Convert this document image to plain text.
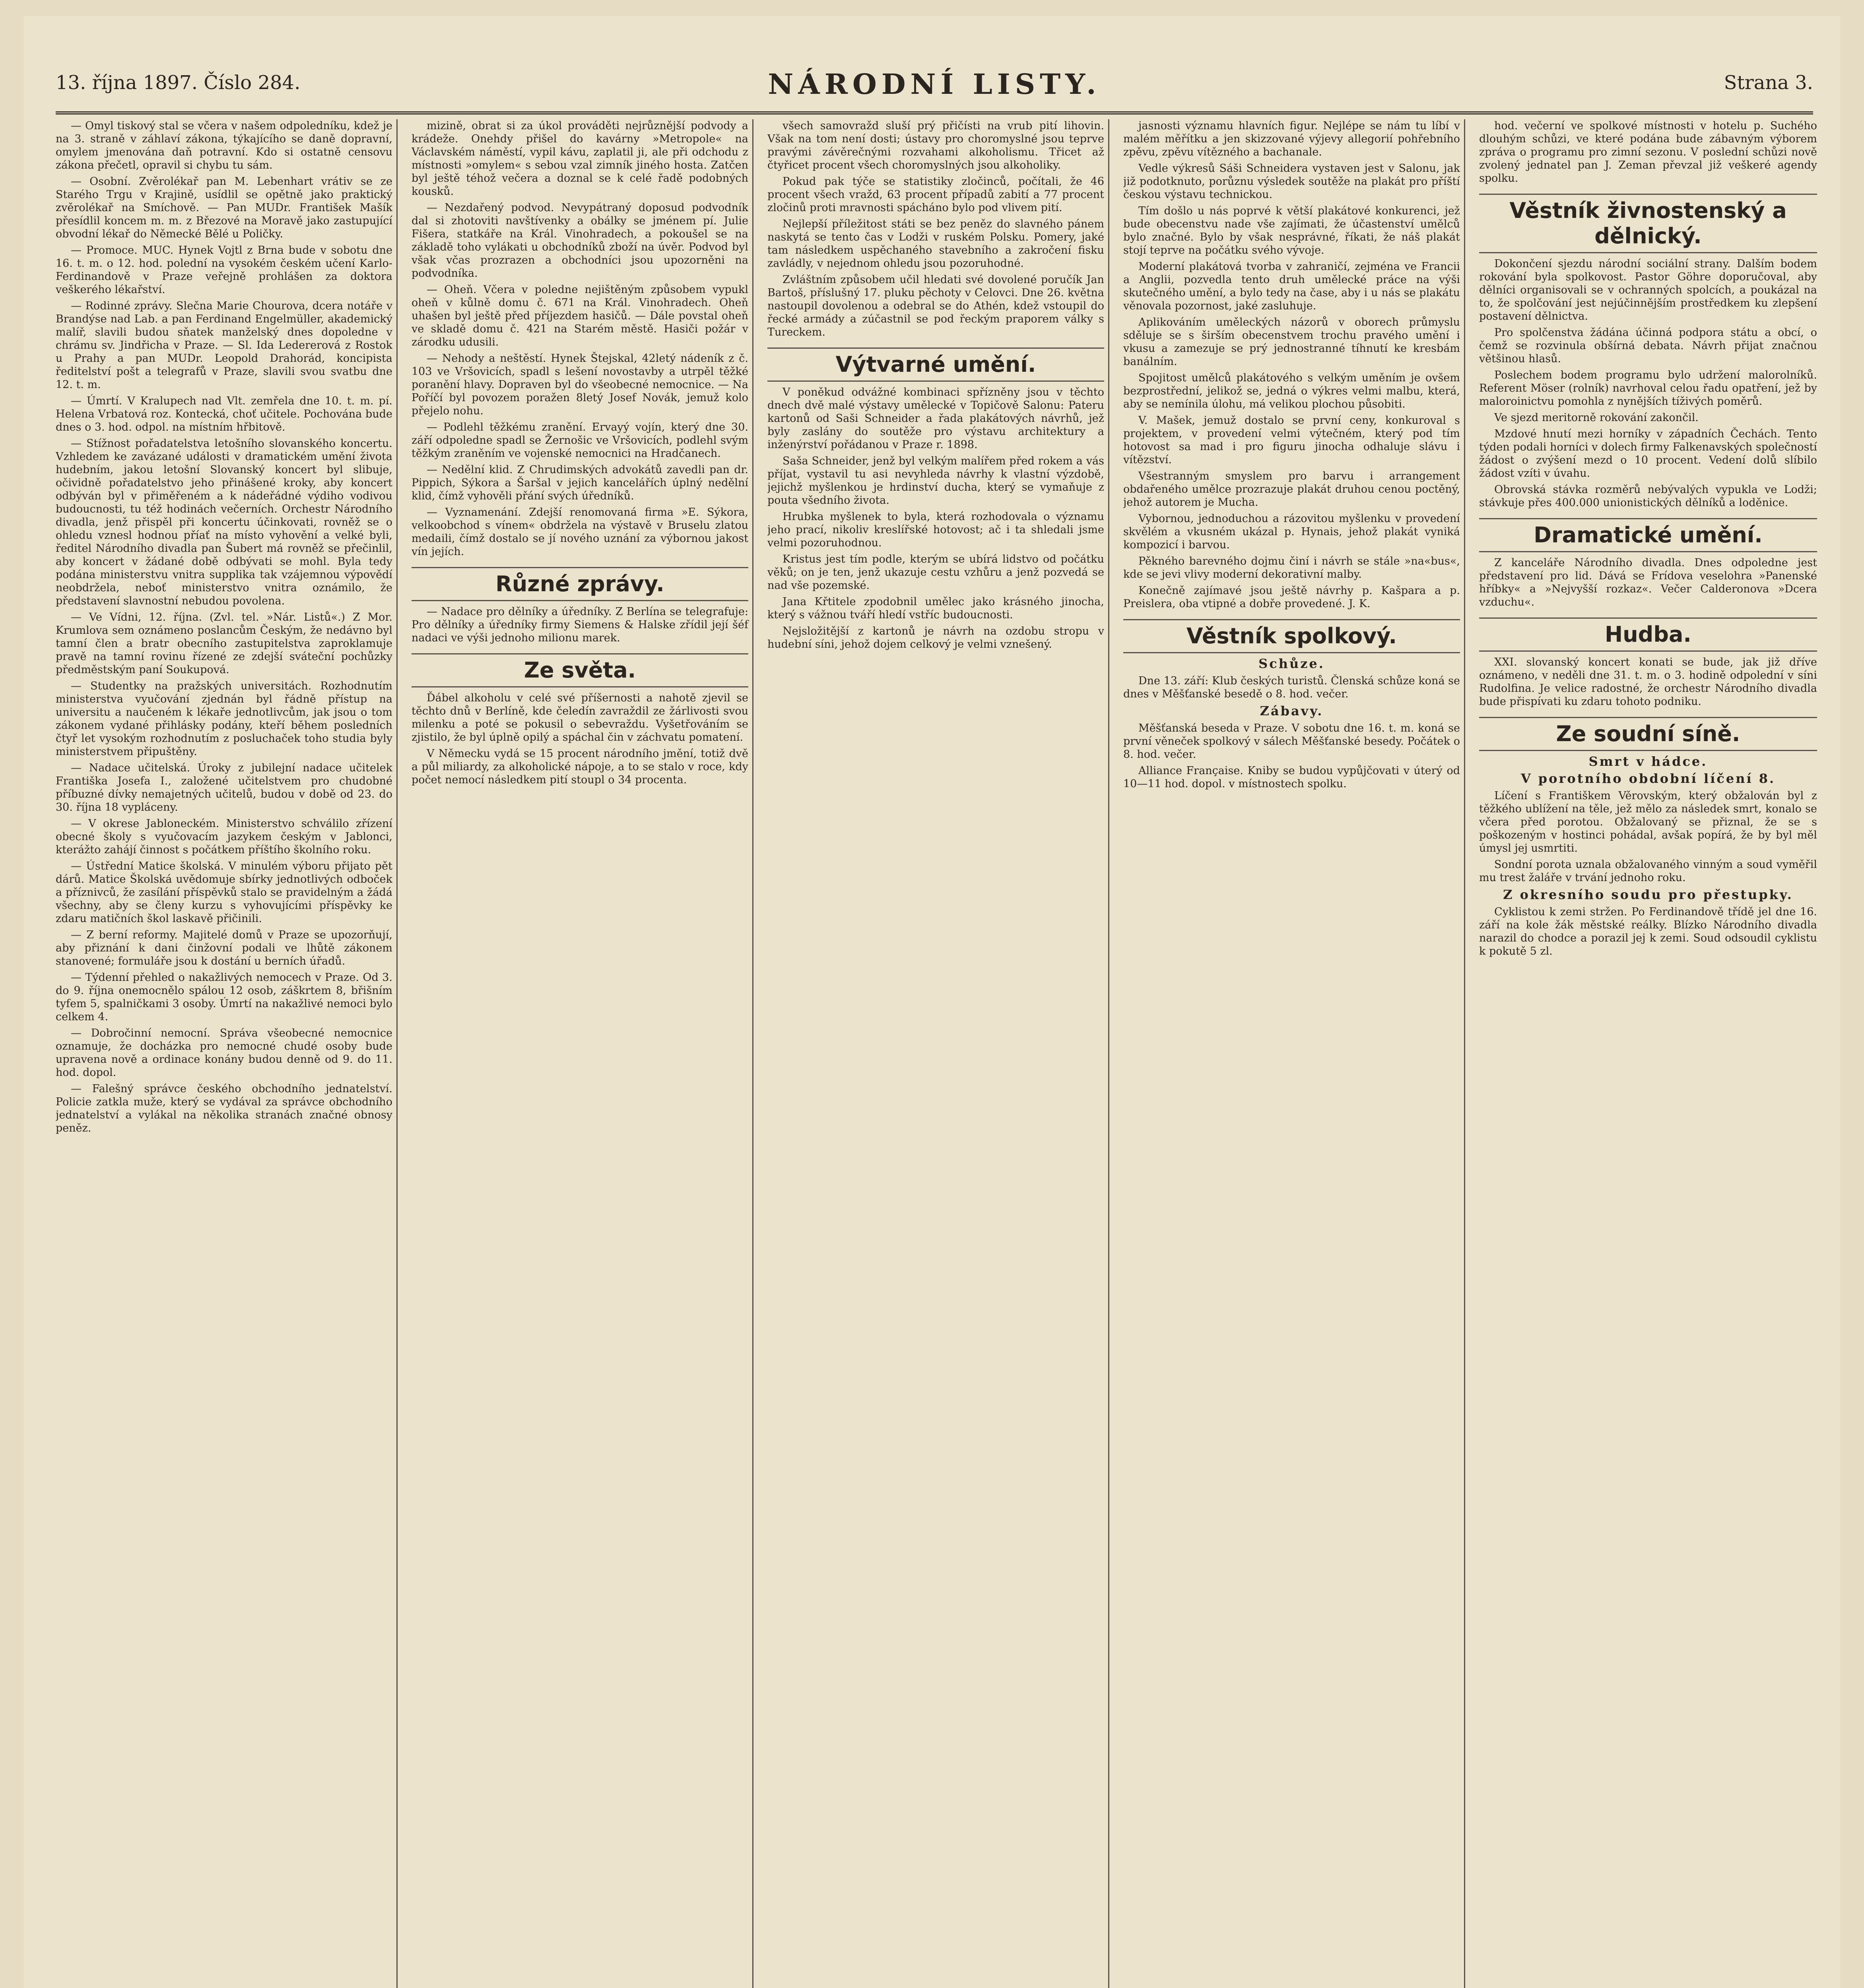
13. října 1897. Číslo 284.	NÁRODNÍ LISTY.	Strana 3.

— Omyl tiskový stal se včera v našem odpoledníku, kdež je na 3. straně v záhlaví zákona, týkajícího se daně dopravní, omylem jmenována daň potravní. Kdo si ostatně censovu zákona přečetl, opravil si chybu tu sám.

— Osobní. Zvěrolékař pan M. Lebenhart vrátiv se ze Starého Trgu v Krajině, usídlil se opětně jako praktický zvěrolékař na Smíchově. — Pan MUDr. František Mašík přesídlil koncem m. m. z Březové na Moravě jako zastupující obvodní lékař do Německé Bělé u Poličky.

— Promoce. MUC. Hynek Vojtl z Brna bude v sobotu dne 16. t. m. o 12. hod. polední na vysokém českém učení Karlo-Ferdinandově v Praze veřejně prohlášen za doktora veškerého lékařství.

— Rodinné zprávy. Slečna Marie Chourova, dcera notáře v Brandýse nad Lab. a pan Ferdinand Engelmüller, akademický malíř, slavili budou sňatek manželský dnes dopoledne v chrámu sv. Jindřicha v Praze. — Sl. Ida Ledererová z Rostok u Prahy a pan MUDr. Leopold Drahorád, koncipista ředitelství pošt a telegrafů v Praze, slavili svou svatbu dne 12. t. m.

— Úmrtí. V Kralupech nad Vlt. zemřela dne 10. t. m. pí. Helena Vrbatová roz. Kontecká, choť učitele. Pochována bude dnes o 3. hod. odpol. na místním hřbitově.

— Stížnost pořadatelstva letošního slovanského koncertu. Vzhledem ke zavázané události v dramatickém umění života hudebním, jakou letošní Slovanský koncert byl slibuje, očividně pořadatelstvo jeho přinášené kroky, aby koncert odbýván byl v přiměřeném a k nádeřádné výdiho vodivou budoucnosti, tu též hodinách večerních. Orchestr Národního divadla, jenž přispěl při koncertu účinkovati, rovněž se o ohledu vznesl hodnou příať na místo vyhovění a velké byli, ředitel Národního divadla pan Šubert má rovněž se přečinlil, aby koncert v žádané době odbývati se mohl. Byla tedy podána ministerstvu vnitra supplika tak vzájemnou výpovědí neobdržela, neboť ministerstvo vnitra oznámilo, že představení slavnostní nebudou povolena.

— Ve Vídni, 12. října. (Zvl. tel. »Nár. Listů«.) Z Mor. Krumlova sem oznámeno poslancům Českým, že nedávno byl tamní člen a bratr obecního zastupitelstva zaproklamuje pravě na tamní rovinu řízené ze zdejší sváteční pochůzky předměstským paní Soukupová.

— Studentky na pražských universitách. Rozhodnutím ministerstva vyučování zjednán byl řádně přístup na universitu a naučeném k lékaře jednotlivcům, jak jsou o tom zákonem vydané přihlásky podány, kteří během posledních čtyř let vysokým rozhodnutím z posluchaček toho studia byly ministerstvem připuštěny.

— Nadace učitelská. Úroky z jubilejní nadace učitelek Františka Josefa I., založené učitelstvem pro chudobné příbuzné dívky nemajetných učitelů, budou v době od 23. do 30. října 18 vypláceny.

— V okrese Jabloneckém. Ministerstvo schválilo zřízení obecné školy s vyučovacím jazykem českým v Jablonci, kterážto zahájí činnost s počátkem příštího školního roku.

— Ústřední Matice školská. V minulém výboru přijato pět dárů. Matice Školská uvědomuje sbírky jednotlivých odboček a příznivců, že zasílání příspěvků stalo se pravidelným a žádá všechny, aby se členy kurzu s vyhovujícími příspěvky ke zdaru matičních škol laskavě přičinili.

— Z berní reformy. Majitelé domů v Praze se upozorňují, aby přiznání k dani činžovní podali ve lhůtě zákonem stanovené; formuláře jsou k dostání u berních úřadů.

— Týdenní přehled o nakažlivých nemocech v Praze. Od 3. do 9. října onemocnělo spálou 12 osob, záškrtem 8, břišním tyfem 5, spalničkami 3 osoby. Úmrtí na nakažlivé nemoci bylo celkem 4.

— Dobročinní nemocní. Správa všeobecné nemocnice oznamuje, že docházka pro nemocné chudé osoby bude upravena nově a ordinace konány budou denně od 9. do 11. hod. dopol.

— Falešný správce českého obchodního jednatelství. Policie zatkla muže, který se vydával za správce obchodního jednatelství a vylákal na několika stranách značné obnosy peněz.

mizině, obrat si za úkol prováděti nejrůznější podvody a krádeže. Onehdy přišel do kavárny »Metropole« na Václavském náměstí, vypil kávu, zaplatil ji, ale při odchodu z místnosti »omylem« s sebou vzal zimník jiného hosta. Zatčen byl ještě téhož večera a doznal se k celé řadě podobných kousků.

— Nezdařený podvod. Nevypátraný doposud podvodník dal si zhotoviti navštívenky a obálky se jménem pí. Julie Fišera, statkáře na Král. Vinohradech, a pokoušel se na základě toho vylákati u obchodníků zboží na úvěr. Podvod byl však včas prozrazen a obchodníci jsou upozorněni na podvodníka.

— Oheň. Včera v poledne nejištěným způsobem vypukl oheň v kůlně domu č. 671 na Král. Vinohradech. Oheň uhašen byl ještě před příjezdem hasičů. — Dále povstal oheň ve skladě domu č. 421 na Starém městě. Hasiči požár v zárodku udusili.

— Nehody a neštěstí. Hynek Štejskal, 42letý nádeník z č. 103 ve Vršovicích, spadl s lešení novostavby a utrpěl těžké poranění hlavy. Dopraven byl do všeobecné nemocnice. — Na Poříčí byl povozem poražen 8letý Josef Novák, jemuž kolo přejelo nohu.

— Podlehl těžkému zranění. Ervayý vojín, který dne 30. září odpoledne spadl se Žernošic ve Vršovicích, podlehl svým těžkým zraněním ve vojenské nemocnici na Hradčanech.

— Nedělní klid. Z Chrudimských advokátů zavedli pan dr. Pippich, Sýkora a Šaršal v jejich kancelářích úplný nedělní klid, čímž vyhověli přání svých úředníků.

— Vyznamenání. Zdejší renomovaná firma »E. Sýkora, velkoobchod s vínem« obdržela na výstavě v Bruselu zlatou medaili, čímž dostalo se jí nového uznání za výbornou jakost vín jejích.

Různé zprávy.

— Nadace pro dělníky a úředníky. Z Berlína se telegrafuje: Pro dělníky a úředníky firmy Siemens & Halske zřídil její šéf nadaci ve výši jednoho milionu marek.

Ze světa.

Ďábel alkoholu v celé své příšernosti a nahotě zjevil se těchto dnů v Berlíně, kde čeledín zavraždil ze žárlivosti svou milenku a poté se pokusil o sebevraždu. Vyšetřováním se zjistilo, že byl úplně opilý a spáchal čin v záchvatu pomatení.

V Německu vydá se 15 procent národního jmění, totiž dvě a půl miliardy, za alkoholické nápoje, a to se stalo v roce, kdy počet nemocí následkem pití stoupl o 34 procenta.

všech samovražd sluší prý přičísti na vrub pití lihovin. Však na tom není dosti; ústavy pro choromyslné jsou teprve pravými závěrečnými rozvahami alkoholismu. Třicet až čtyřicet procent všech choromyslných jsou alkoholiky.

Pokud pak týče se statistiky zločinců, počítali, že 46 procent všech vražd, 63 procent případů zabití a 77 procent zločinů proti mravnosti spácháno bylo pod vlivem pití.

Nejlepší příležitost státi se bez peněz do slavného pánem naskytá se tento čas v Lodži v ruském Polsku. Pomery, jaké tam následkem uspěchaného stavebního a zakročení fisku zavládly, v nejednom ohledu jsou pozoruhodné.

Zvláštním způsobem učil hledati své dovolené poručík Jan Bartoš, příslušný 17. pluku pěchoty v Celovci. Dne 26. května nastoupil dovolenou a odebral se do Athén, kdež vstoupil do řecké armády a zúčastnil se pod řeckým praporem války s Tureckem.

Výtvarné umění.

V poněkud odvážné kombinaci spřízněny jsou v těchto dnech dvě malé výstavy umělecké v Topičově Salonu: Pateru kartonů od Saši Schneider a řada plakátových návrhů, jež byly zaslány do soutěže pro výstavu architektury a inženýrství pořádanou v Praze r. 1898.

Saša Schneider, jenž byl velkým malířem před rokem a vás příjat, vystavil tu asi nevyhleda návrhy k vlastní výzdobě, jejichž myšlenkou je hrdinství ducha, který se vymaňuje z pouta všedního života.

Hrubka myšlenek to byla, která rozhodovala o významu jeho prací, nikoliv kreslířské hotovost; ač i ta shledali jsme velmi pozoruhodnou.

Kristus jest tím podle, kterým se ubírá lidstvo od počátku věků; on je ten, jenž ukazuje cestu vzhůru a jenž pozvedá se nad vše pozemské.

Jana Křtitele zpodobnil umělec jako krásného jinocha, který s vážnou tváří hledí vstříc budoucnosti.

Nejsložitější z kartonů je návrh na ozdobu stropu v hudební síni, jehož dojem celkový je velmi vznešený.

jasnosti významu hlavních figur. Nejlépe se nám tu líbí v malém měřítku a jen skizzované výjevy allegorií pohřebního zpěvu, zpěvu vítězného a bachanale.

Vedle výkresů Sáši Schneidera vystaven jest v Salonu, jak již podotknuto, porůznu výsledek soutěže na plakát pro příští českou výstavu technickou.

Tím došlo u nás poprvé k větší plakátové konkurenci, jež bude obecenstvu nade vše zajímati, že účastenství umělců bylo značné. Bylo by však nesprávné, říkati, že náš plakát stojí teprve na počátku svého vývoje.

Moderní plakátová tvorba v zahraničí, zejména ve Francii a Anglii, pozvedla tento druh umělecké práce na výši skutečného umění, a bylo tedy na čase, aby i u nás se plakátu věnovala pozornost, jaké zasluhuje.

Aplikováním uměleckých názorů v oborech průmyslu sděluje se s širším obecenstvem trochu pravého umění i vkusu a zamezuje se prý jednostranné tíhnutí ke kresbám banálním.

Spojitost umělců plakátového s velkým uměním je ovšem bezprostřední, jelikož se, jedná o výkres velmi malbu, která, aby se nemínila úlohu, má velikou plochou působiti.

V. Mašek, jemuž dostalo se první ceny, konkuroval s projektem, v provedení velmi výtečném, který pod tím hotovost sa mad i pro figuru jinocha odhaluje slávu i vítězství.

Všestranným smyslem pro barvu i arrangement obdařeného umělce prozrazuje plakát druhou cenou poctěný, jehož autorem je Mucha.

Vybornou, jednoduchou a rázovitou myšlenku v provedení skvělém a vkusném ukázal p. Hynais, jehož plakát vyniká kompozicí i barvou.

Pěkného barevného dojmu činí i návrh se stále »na«bus«, kde se jevi vlivy moderní dekorativní malby.

Konečně zajímavé jsou ještě návrhy p. Kašpara a p. Preislera, oba vtipné a dobře provedené. J. K.

Věstník spolkový.
Schůze.

Dne 13. září: Klub českých turistů. Členská schůze koná se dnes v Měšťanské besedě o 8. hod. večer.

Zábavy.

Měšťanská beseda v Praze. V sobotu dne 16. t. m. koná se první věneček spolkový v sálech Měšťanské besedy. Počátek o 8. hod. večer.

Alliance Française. Kniby se budou vypůjčovati v úterý od 10—11 hod. dopol. v místnostech spolku.

hod. večerní ve spolkové místnosti v hotelu p. Suchého dlouhým schůzi, ve které podána bude zábavným výborem zpráva o programu pro zimní sezonu. V poslední schůzi nově zvolený jednatel pan J. Zeman převzal již veškeré agendy spolku.

Věstník živnostenský a dělnický.

Dokončení sjezdu národní sociální strany. Dalším bodem rokování byla spolkovost. Pastor Göhre doporučoval, aby dělníci organisovali se v ochranných spolcích, a poukázal na to, že spolčování jest nejúčinnějším prostředkem ku zlepšení postavení dělnictva.

Pro spolčenstva žádána účinná podpora státu a obcí, o čemž se rozvinula obšírná debata. Návrh přijat značnou většinou hlasů.

Poslechem bodem programu bylo udržení malorolníků. Referent Möser (rolník) navrhoval celou řadu opatření, jež by maloroinictvu pomohla z nynějších tíživých poměrů.

Ve sjezd meritorně rokování zakončil.

Mzdové hnutí mezi horníky v západních Čechách. Tento týden podali horníci v dolech firmy Falkenavských společností žádost o zvýšení mezd o 10 procent. Vedení dolů slíbilo žádost vzíti v úvahu.

Obrovská stávka rozměrů nebývalých vypukla ve Lodži; stávkuje přes 400.000 unionistických dělníků a loděnice.

Dramatické umění.

Z kanceláře Národního divadla. Dnes odpoledne jest představení pro lid. Dává se Frídova veselohra »Panenské hříbky« a »Nejvyšší rozkaz«. Večer Calderonova »Dcera vzduchu«.

Hudba.

XXI. slovanský koncert konati se bude, jak již dříve oznámeno, v neděli dne 31. t. m. o 3. hodině odpolední v síni Rudolfina. Je velice radostné, že orchestr Národního divadla bude přispívati ku zdaru tohoto podniku.

Ze soudní síně.
Smrt v hádce.
V porotního obdobní líčení 8.

Líčení s Františkem Věrovským, který obžalován byl z těžkého ublížení na těle, jež mělo za následek smrt, konalo se včera před porotou. Obžalovaný se přiznal, že se s poškozeným v hostinci pohádal, avšak popírá, že by byl měl úmysl jej usmrtiti.

Sondní porota uznala obžalovaného vinným a soud vyměřil mu trest žaláře v trvání jednoho roku.

Z okresního soudu pro přestupky.

Cyklistou k zemi stržen. Po Ferdinandově třídě jel dne 16. září na kole žák městské reálky. Blízko Národního divadla narazil do chodce a porazil jej k zemi. Soud odsoudil cyklistu k pokutě 5 zl.
